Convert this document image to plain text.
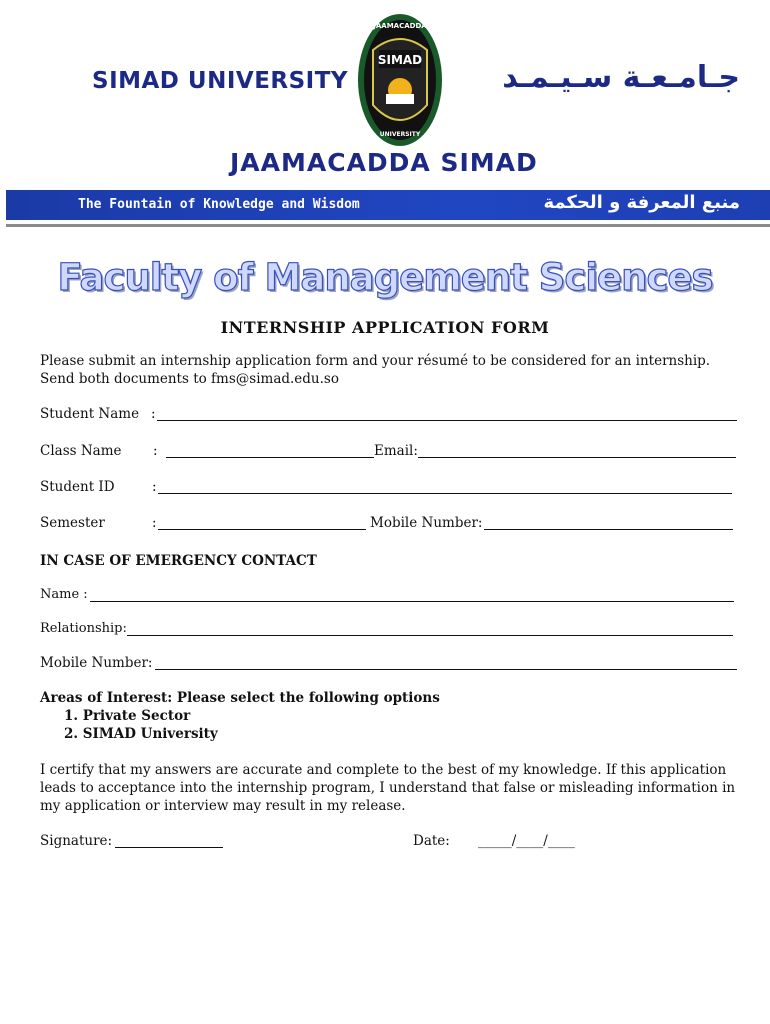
SIMAD UNIVERSITY
SIMAD
JAAMACADDA
UNIVERSITY
جـامـعـة سـيـمـد
JAAMACADDA SIMAD
The Fountain of Knowledge and Wisdom	منبع المعرفة و الحكمة
Faculty of Management Sciences
INTERNSHIP APPLICATION FORM
Please submit an internship application form and your résumé to be considered for an internship.
Send both documents to fms@simad.edu.so
Student Name :
Class Name :	Email:
Student ID	:
Semester	:	Mobile Number:
IN CASE OF EMERGENCY CONTACT
Name :
Relationship:
Mobile Number:
Areas of Interest: Please select the following options
1. Private Sector
2. SIMAD University
I certify that my answers are accurate and complete to the best of my knowledge. If this application
leads to acceptance into the internship program, I understand that false or misleading information in
my application or interview may result in my release.
Signature:	Date: _____/____/____
